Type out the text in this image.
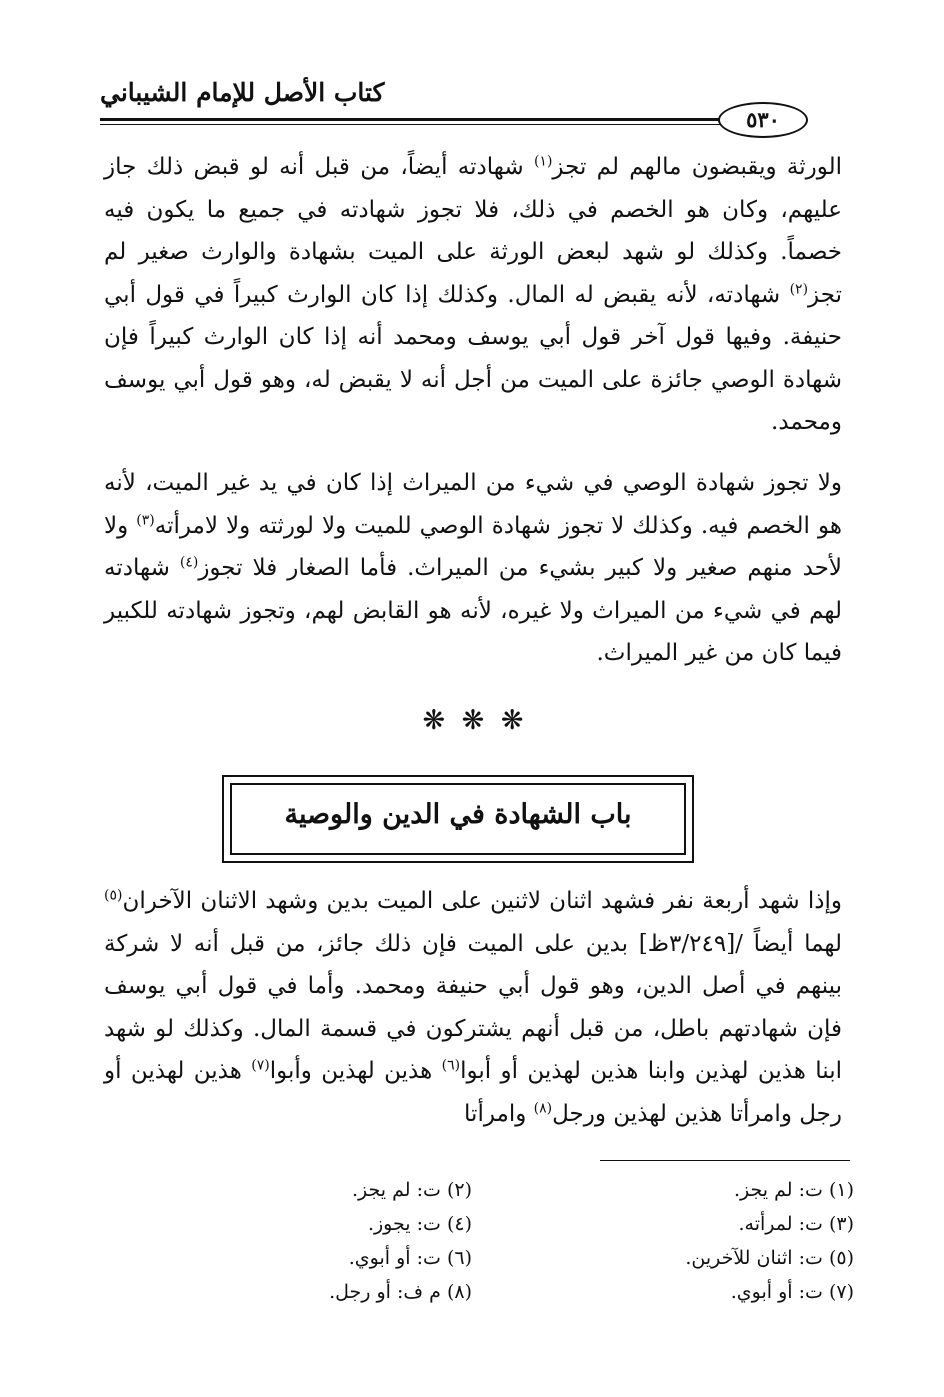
كتاب الأصل للإمام الشيباني
٥٣٠

الورثة ويقبضون مالهم لم تجز$^{(١)}$ شهادته أيضاً، من قبل أنه لو قبض ذلك جاز عليهم، وكان هو الخصم في ذلك، فلا تجوز شهادته في جميع ما يكون فيه خصماً. وكذلك لو شهد لبعض الورثة على الميت بشهادة والوارث صغير لم تجز$^{(٢)}$ شهادته، لأنه يقبض له المال. وكذلك إذا كان الوارث كبيراً في قول أبي حنيفة. وفيها قول آخر قول أبي يوسف ومحمد أنه إذا كان الوارث كبيراً فإن شهادة الوصي جائزة على الميت من أجل أنه لا يقبض له، وهو قول أبي يوسف ومحمد.

ولا تجوز شهادة الوصي في شيء من الميراث إذا كان في يد غير الميت، لأنه هو الخصم فيه. وكذلك لا تجوز شهادة الوصي للميت ولا لورثته ولا لامرأته$^{(٣)}$ ولا لأحد منهم صغير ولا كبير بشيء من الميراث. فأما الصغار فلا تجوز$^{(٤)}$ شهادته لهم في شيء من الميراث ولا غيره، لأنه هو القابض لهم، وتجوز شهادته للكبير فيما كان من غير الميراث.

❋ ❋ ❋
باب الشهادة في الدين والوصية

وإذا شهد أربعة نفر فشهد اثنان لاثنين على الميت بدين وشهد الاثنان الآخران$^{(٥)}$ لهما أيضاً /[٣/٢٤٩ظ] بدين على الميت فإن ذلك جائز، من قبل أنه لا شركة بينهم في أصل الدين، وهو قول أبي حنيفة ومحمد. وأما في قول أبي يوسف فإن شهادتهم باطل، من قبل أنهم يشتركون في قسمة المال. وكذلك لو شهد ابنا هذين لهذين وابنا هذين لهذين أو أبوا$^{(٦)}$ هذين لهذين وأبوا$^{(٧)}$ هذين لهذين أو رجل وامرأتا هذين لهذين ورجل$^{(٨)}$ وامرأتا

(١) ت: لم يجز.
(٣) ت: لمرأته.
(٥) ت: اثنان للآخرين.
(٧) ت: أو أبوي.
(٢) ت: لم يجز.
(٤) ت: يجوز.
(٦) ت: أو أبوي.
(٨) م ف: أو رجل.
